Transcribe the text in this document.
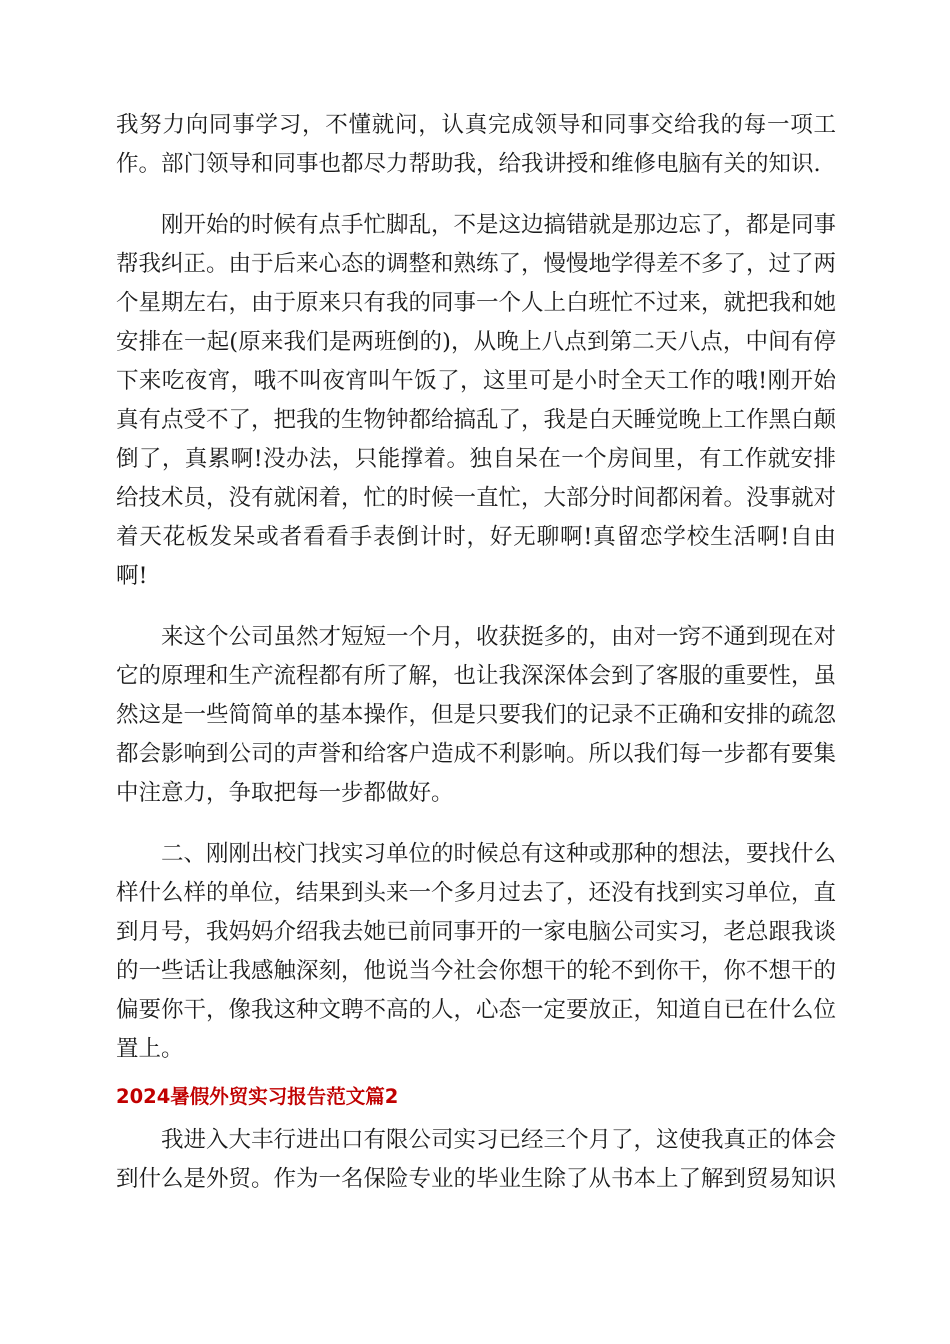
我努力向同事学习，不懂就问，认真完成领导和同事交给我的每一项工作。部门领导和同事也都尽力帮助我，给我讲授和维修电脑有关的知识.

刚开始的时候有点手忙脚乱，不是这边搞错就是那边忘了，都是同事帮我纠正。由于后来心态的调整和熟练了，慢慢地学得差不多了，过了两个星期左右，由于原来只有我的同事一个人上白班忙不过来，就把我和她安排在一起(原来我们是两班倒的)，从晚上八点到第二天八点，中间有停下来吃夜宵，哦不叫夜宵叫午饭了，这里可是小时全天工作的哦!刚开始真有点受不了，把我的生物钟都给搞乱了，我是白天睡觉晚上工作黑白颠倒了，真累啊!没办法，只能撑着。独自呆在一个房间里，有工作就安排给技术员，没有就闲着，忙的时候一直忙，大部分时间都闲着。没事就对着天花板发呆或者看看手表倒计时，好无聊啊!真留恋学校生活啊!自由啊!

来这个公司虽然才短短一个月，收获挺多的，由对一窍不通到现在对它的原理和生产流程都有所了解，也让我深深体会到了客服的重要性，虽然这是一些简简单的基本操作，但是只要我们的记录不正确和安排的疏忽都会影响到公司的声誉和给客户造成不利影响。所以我们每一步都有要集中注意力，争取把每一步都做好。

二、刚刚出校门找实习单位的时候总有这种或那种的想法，要找什么样什么样的单位，结果到头来一个多月过去了，还没有找到实习单位，直到月号，我妈妈介绍我去她已前同事开的一家电脑公司实习，老总跟我谈的一些话让我感触深刻，他说当今社会你想干的轮不到你干，你不想干的偏要你干，像我这种文聘不高的人，心态一定要放正，知道自已在什么位置上。

2024暑假外贸实习报告范文篇2

我进入大丰行进出口有限公司实习已经三个月了，这使我真正的体会到什么是外贸。作为一名保险专业的毕业生除了从书本上了解到贸易知识
